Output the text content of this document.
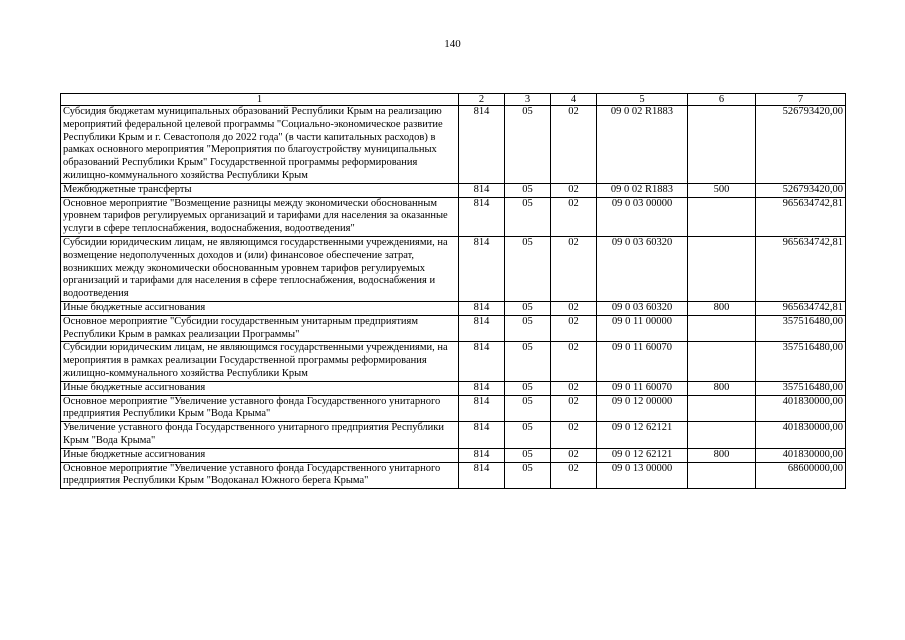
140
1	2	3	4	5	6	7
Субсидия бюджетам муниципальных образований Республики Крым на реализацию мероприятий федеральной целевой программы "Социально-экономическое развитие Республики Крым и г. Севастополя до 2022 года" (в части капитальных расходов) в рамках основного мероприятия "Мероприятия по благоустройству муниципальных образований Республики Крым" Государственной программы реформирования жилищно-коммунального хозяйства Республики Крым	814	05	02	09 0 02 R1883		526793420,00
Межбюджетные трансферты	814	05	02	09 0 02 R1883	500	526793420,00
Основное мероприятие "Возмещение разницы между экономически обоснованным уровнем тарифов регулируемых организаций и тарифами для населения за оказанные услуги в сфере теплоснабжения, водоснабжения, водоотведения"	814	05	02	09 0 03 00000		965634742,81
Субсидии юридическим лицам, не являющимся государственными учреждениями, на возмещение недополученных доходов и (или) финансовое обеспечение затрат, возникших между экономически обоснованным уровнем тарифов регулируемых организаций и тарифами для населения в сфере теплоснабжения, водоснабжения и водоотведения	814	05	02	09 0 03 60320		965634742,81
Иные бюджетные ассигнования	814	05	02	09 0 03 60320	800	965634742,81
Основное мероприятие "Субсидии государственным унитарным предприятиям Республики Крым в рамках реализации Программы"	814	05	02	09 0 11 00000		357516480,00
Субсидии юридическим лицам, не являющимся государственными учреждениями, на мероприятия в рамках реализации Государственной программы реформирования жилищно-коммунального хозяйства Республики Крым	814	05	02	09 0 11 60070		357516480,00
Иные бюджетные ассигнования	814	05	02	09 0 11 60070	800	357516480,00
Основное мероприятие "Увеличение уставного фонда Государственного унитарного предприятия Республики Крым "Вода Крыма"	814	05	02	09 0 12 00000		401830000,00
Увеличение уставного фонда Государственного унитарного предприятия Республики Крым "Вода Крыма"	814	05	02	09 0 12 62121		401830000,00
Иные бюджетные ассигнования	814	05	02	09 0 12 62121	800	401830000,00
Основное мероприятие "Увеличение уставного фонда Государственного унитарного предприятия Республики Крым "Водоканал Южного берега Крыма"	814	05	02	09 0 13 00000		68600000,00
